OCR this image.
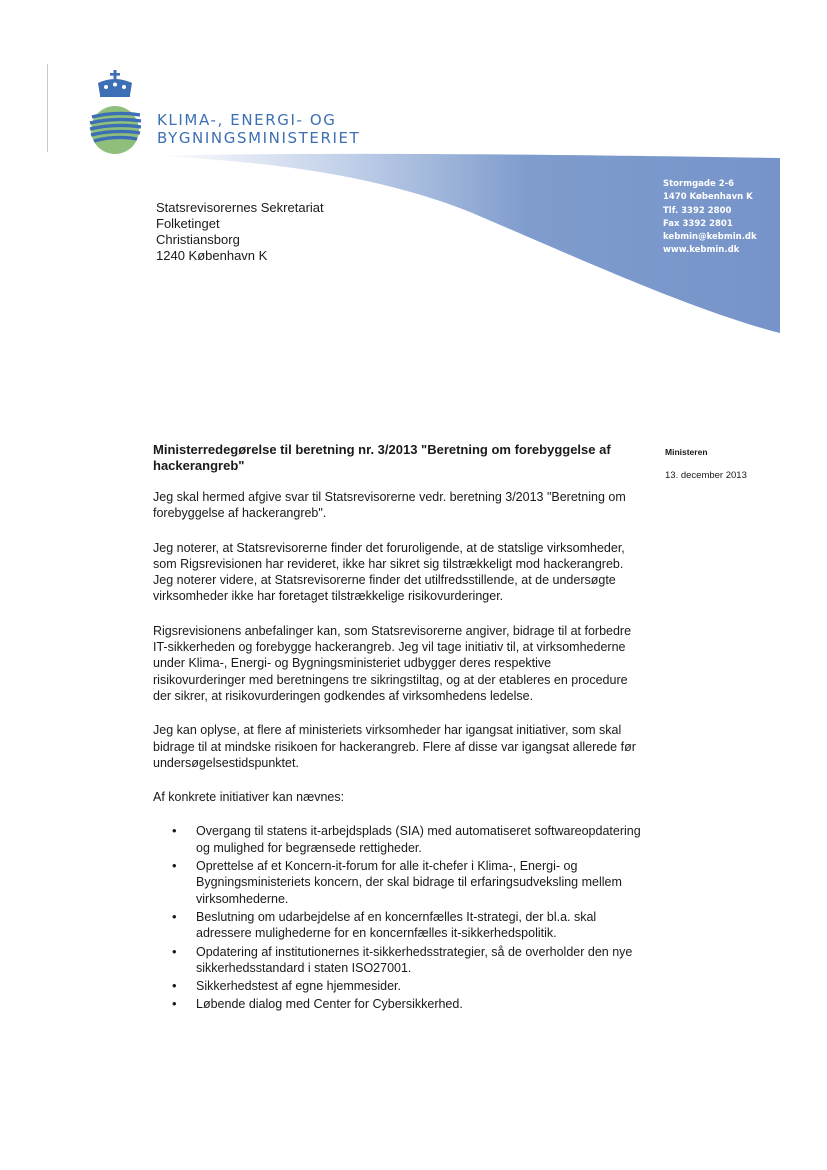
KLIMA-, ENERGI- OG
BYGNINGSMINISTERIET
Stormgade 2-6
1470 København K
Tlf. 3392 2800
Fax 3392 2801
kebmin@kebmin.dk
www.kebmin.dk
Statsrevisorernes Sekretariat
Folketinget
Christiansborg
1240 København K
Ministeren
13. december 2013
Ministerredegørelse til beretning nr. 3/2013 "Beretning om forebyggelse af hackerangreb"

Jeg skal hermed afgive svar til Statsrevisorerne vedr. beretning 3/2013 "Beretning om forebyggelse af hackerangreb".

Jeg noterer, at Statsrevisorerne finder det foruroligende, at de statslige virksomheder, som Rigsrevisionen har revideret, ikke har sikret sig tilstrækkeligt mod hackerangreb. Jeg noterer videre, at Statsrevisorerne finder det utilfredsstillende, at de undersøgte virksomheder ikke har foretaget tilstrækkelige risikovurderinger.

Rigsrevisionens anbefalinger kan, som Statsrevisorerne angiver, bidrage til at forbedre IT-sikkerheden og forebygge hackerangreb. Jeg vil tage initiativ til, at virksomhederne under Klima-, Energi- og Bygningsministeriet udbygger deres respektive risikovurderinger med beretningens tre sikringstiltag, og at der etableres en procedure der sikrer, at risikovurderingen godkendes af virksomhedens ledelse.

Jeg kan oplyse, at flere af ministeriets virksomheder har igangsat initiativer, som skal bidrage til at mindske risikoen for hackerangreb. Flere af disse var igangsat allerede før undersøgelsestidspunktet.

Af konkrete initiativer kan nævnes:

• Overgang til statens it-arbejdsplads (SIA) med automatiseret softwareopdatering og mulighed for begrænsede rettigheder.
• Oprettelse af et Koncern-it-forum for alle it-chefer i Klima-, Energi- og Bygningsministeriets koncern, der skal bidrage til erfaringsudveksling mellem virksomhederne.
• Beslutning om udarbejdelse af en koncernfælles It-strategi, der bl.a. skal adressere mulighederne for en koncernfælles it-sikkerhedspolitik.
• Opdatering af institutionernes it-sikkerhedsstrategier, så de overholder den nye sikkerhedsstandard i staten ISO27001.
• Sikkerhedstest af egne hjemmesider.
• Løbende dialog med Center for Cybersikkerhed.
